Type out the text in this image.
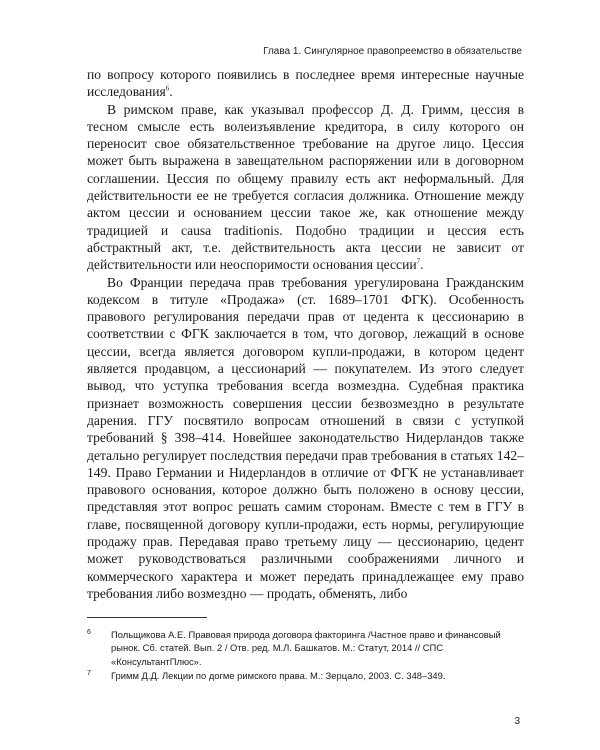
Глава 1. Сингулярное правопреемство в обязательстве

по вопросу которого появились в последнее время интересные научные исследования$^6$.

В римском праве, как указывал профессор Д. Д. Гримм, цессия в тесном смысле есть волеизъявление кредитора, в силу которого он переносит свое обязательственное требование на другое лицо. Цессия может быть выражена в завещательном распоряжении или в договорном соглашении. Цессия по общему правилу есть акт неформальный. Для действительности ее не требуется согласия должника. Отношение между актом цессии и основанием цессии такое же, как отношение между традицией и causa traditionis. Подобно традиции и цессия есть абстрактный акт, т.е. действительность акта цессии не зависит от действительности или неоспоримости основания цессии$^7$.

Во Франции передача прав требования урегулирована Гражданским кодексом в титуле «Продажа» (ст. 1689–1701 ФГК). Особенность правового регулирования передачи прав от цедента к цессионарию в соответствии с ФГК заключается в том, что договор, лежащий в основе цессии, всегда является договором купли-продажи, в котором цедент является продавцом, а цессионарий — покупателем. Из этого следует вывод, что уступка требования всегда возмездна. Судебная практика признает возможность совершения цессии безвозмездно в результате дарения. ГГУ посвятило вопросам отношений в связи с уступкой требований § 398–414. Новейшее законодательство Нидерландов также детально регулирует последствия передачи прав требования в статьях 142–149. Право Германии и Нидерландов в отличие от ФГК не устанавливает правового основания, которое должно быть положено в основу цессии, представляя этот вопрос решать самим сторонам. Вместе с тем в ГГУ в главе, посвященной договору купли-продажи, есть нормы, регулирующие продажу прав. Передавая право третьему лицу — цессионарию, цедент может руководствоваться различными соображениями личного и коммерческого характера и может передать принадлежащее ему право требования либо возмездно — продать, обменять, либо

6 Польщикова А.Е. Правовая природа договора факторинга /Частное право и финансовый рынок. Сб. статей. Вып. 2 / Отв. ред. М.Л. Башкатов. М.: Статут, 2014 // СПС «КонсультантПлюс».
7 Гримм Д.Д. Лекции по догме римского права. М.: Зерцало, 2003. С. 348–349.
3
